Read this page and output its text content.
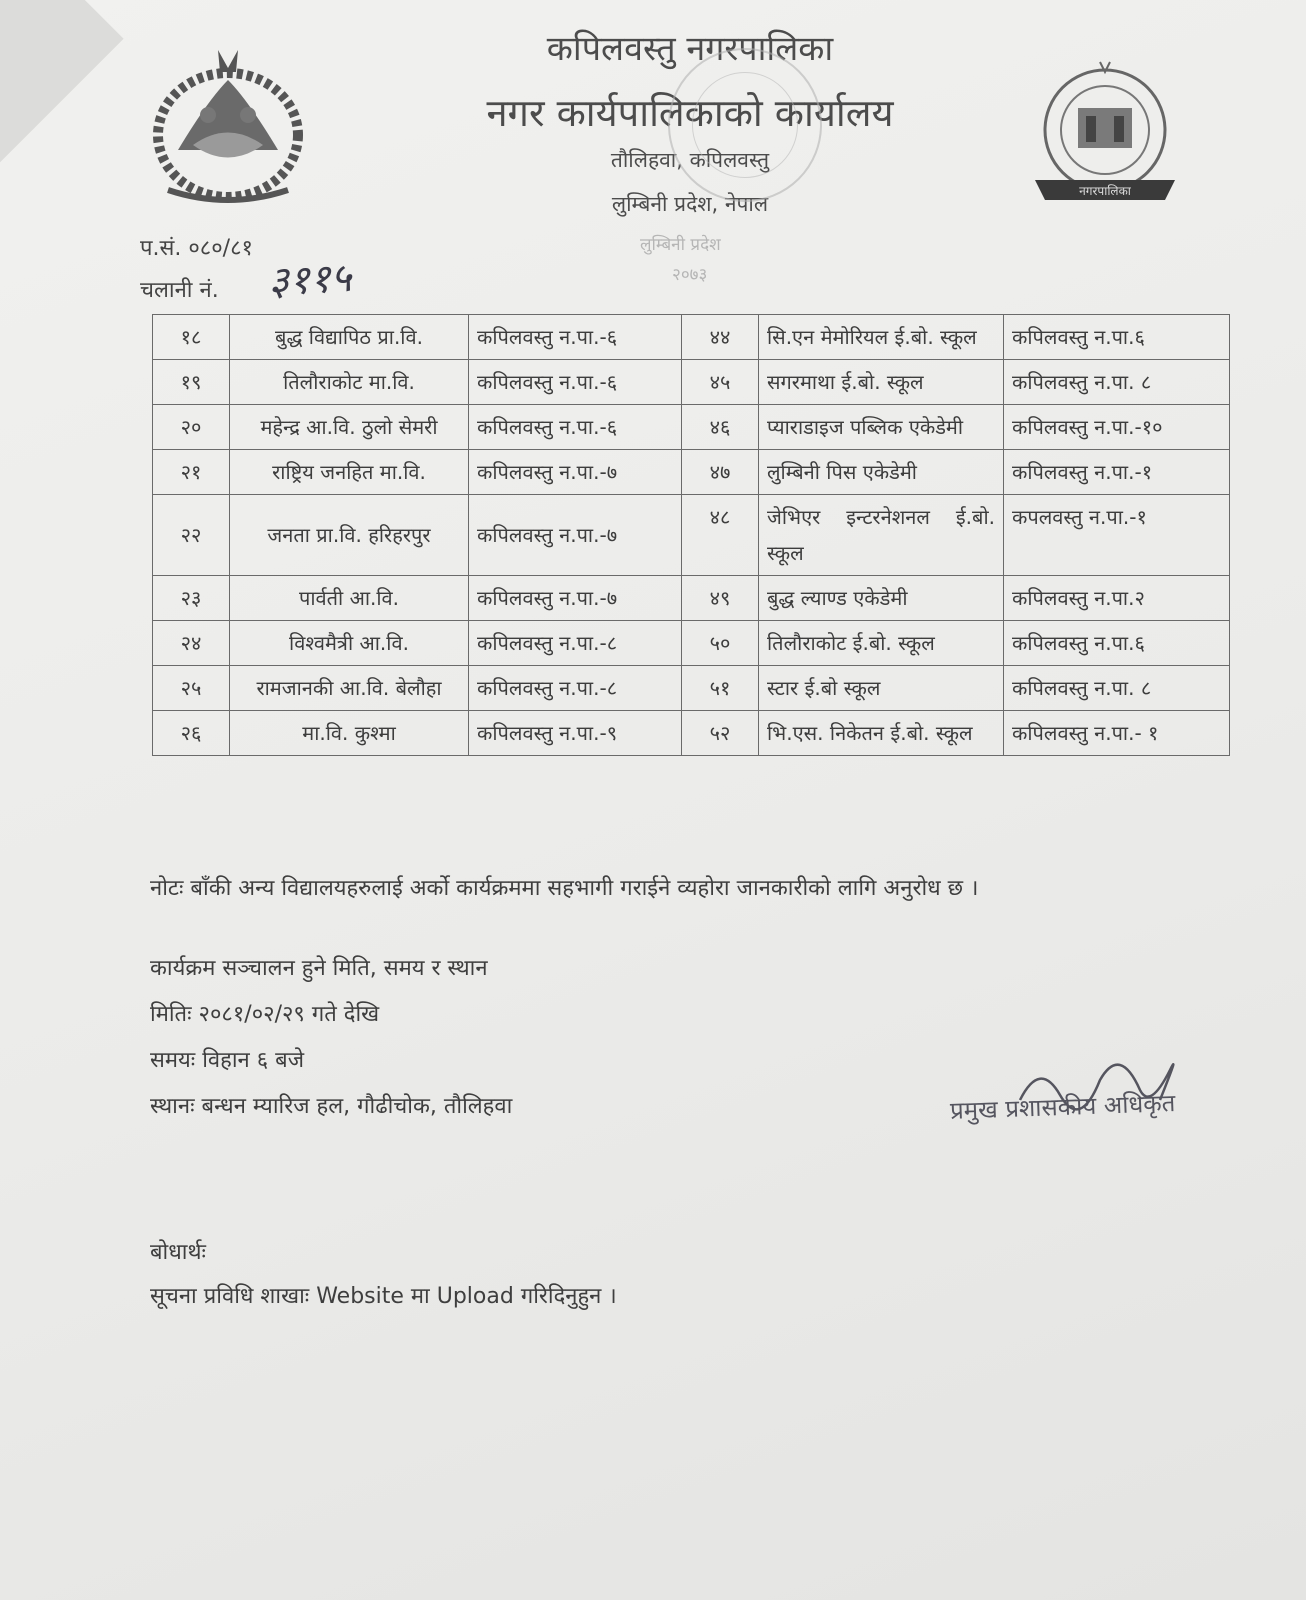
नगरपालिका
कपिलवस्तु नगरपालिका
नगर कार्यपालिकाको कार्यालय
तौलिहवा, कपिलवस्तु
लुम्बिनी प्रदेश, नेपाल
लुम्बिनी प्रदेश
२०७३
प.सं. ०८०/८१
चलानी नं. ३११५
१८	बुद्ध विद्यापिठ प्रा.वि.	कपिलवस्तु न.पा.-६	४४	सि.एन मेमोरियल ई.बो. स्कूल	कपिलवस्तु न.पा.६
१९	तिलौराकोट मा.वि.	कपिलवस्तु न.पा.-६	४५	सगरमाथा ई.बो. स्कूल	कपिलवस्तु न.पा. ८
२०	महेन्द्र आ.वि. ठुलो सेमरी	कपिलवस्तु न.पा.-६	४६	प्याराडाइज पब्लिक एकेडेमी	कपिलवस्तु न.पा.-१०
२१	राष्ट्रिय जनहित मा.वि.	कपिलवस्तु न.पा.-७	४७	लुम्बिनी पिस एकेडेमी	कपिलवस्तु न.पा.-१
२२	जनता प्रा.वि. हरिहरपुर	कपिलवस्तु न.पा.-७	४८	जेभिएर इन्टरनेशनल ई.बो. स्कूल	कपलवस्तु न.पा.-१
२३	पार्वती आ.वि.	कपिलवस्तु न.पा.-७	४९	बुद्ध ल्याण्ड एकेडेमी	कपिलवस्तु न.पा.२
२४	विश्वमैत्री आ.वि.	कपिलवस्तु न.पा.-८	५०	तिलौराकोट ई.बो. स्कूल	कपिलवस्तु न.पा.६
२५	रामजानकी आ.वि. बेलौहा	कपिलवस्तु न.पा.-८	५१	स्टार ई.बो स्कूल	कपिलवस्तु न.पा. ८
२६	मा.वि. कुश्मा	कपिलवस्तु न.पा.-९	५२	भि.एस. निकेतन ई.बो. स्कूल	कपिलवस्तु न.पा.- १
नोटः बाँकी अन्य विद्यालयहरुलाई अर्को कार्यक्रममा सहभागी गराईने व्यहोरा जानकारीको लागि अनुरोध छ ।
कार्यक्रम सञ्चालन हुने मिति, समय र स्थान
मितिः २०८१/०२/२९ गते देखि
समयः विहान ६ बजे
स्थानः बन्धन म्यारिज हल, गौढीचोक, तौलिहवा	प्रमुख प्रशासकीय अधिकृत
बोधार्थः
सूचना प्रविधि शाखाः Website मा Upload गरिदिनुहुन ।
